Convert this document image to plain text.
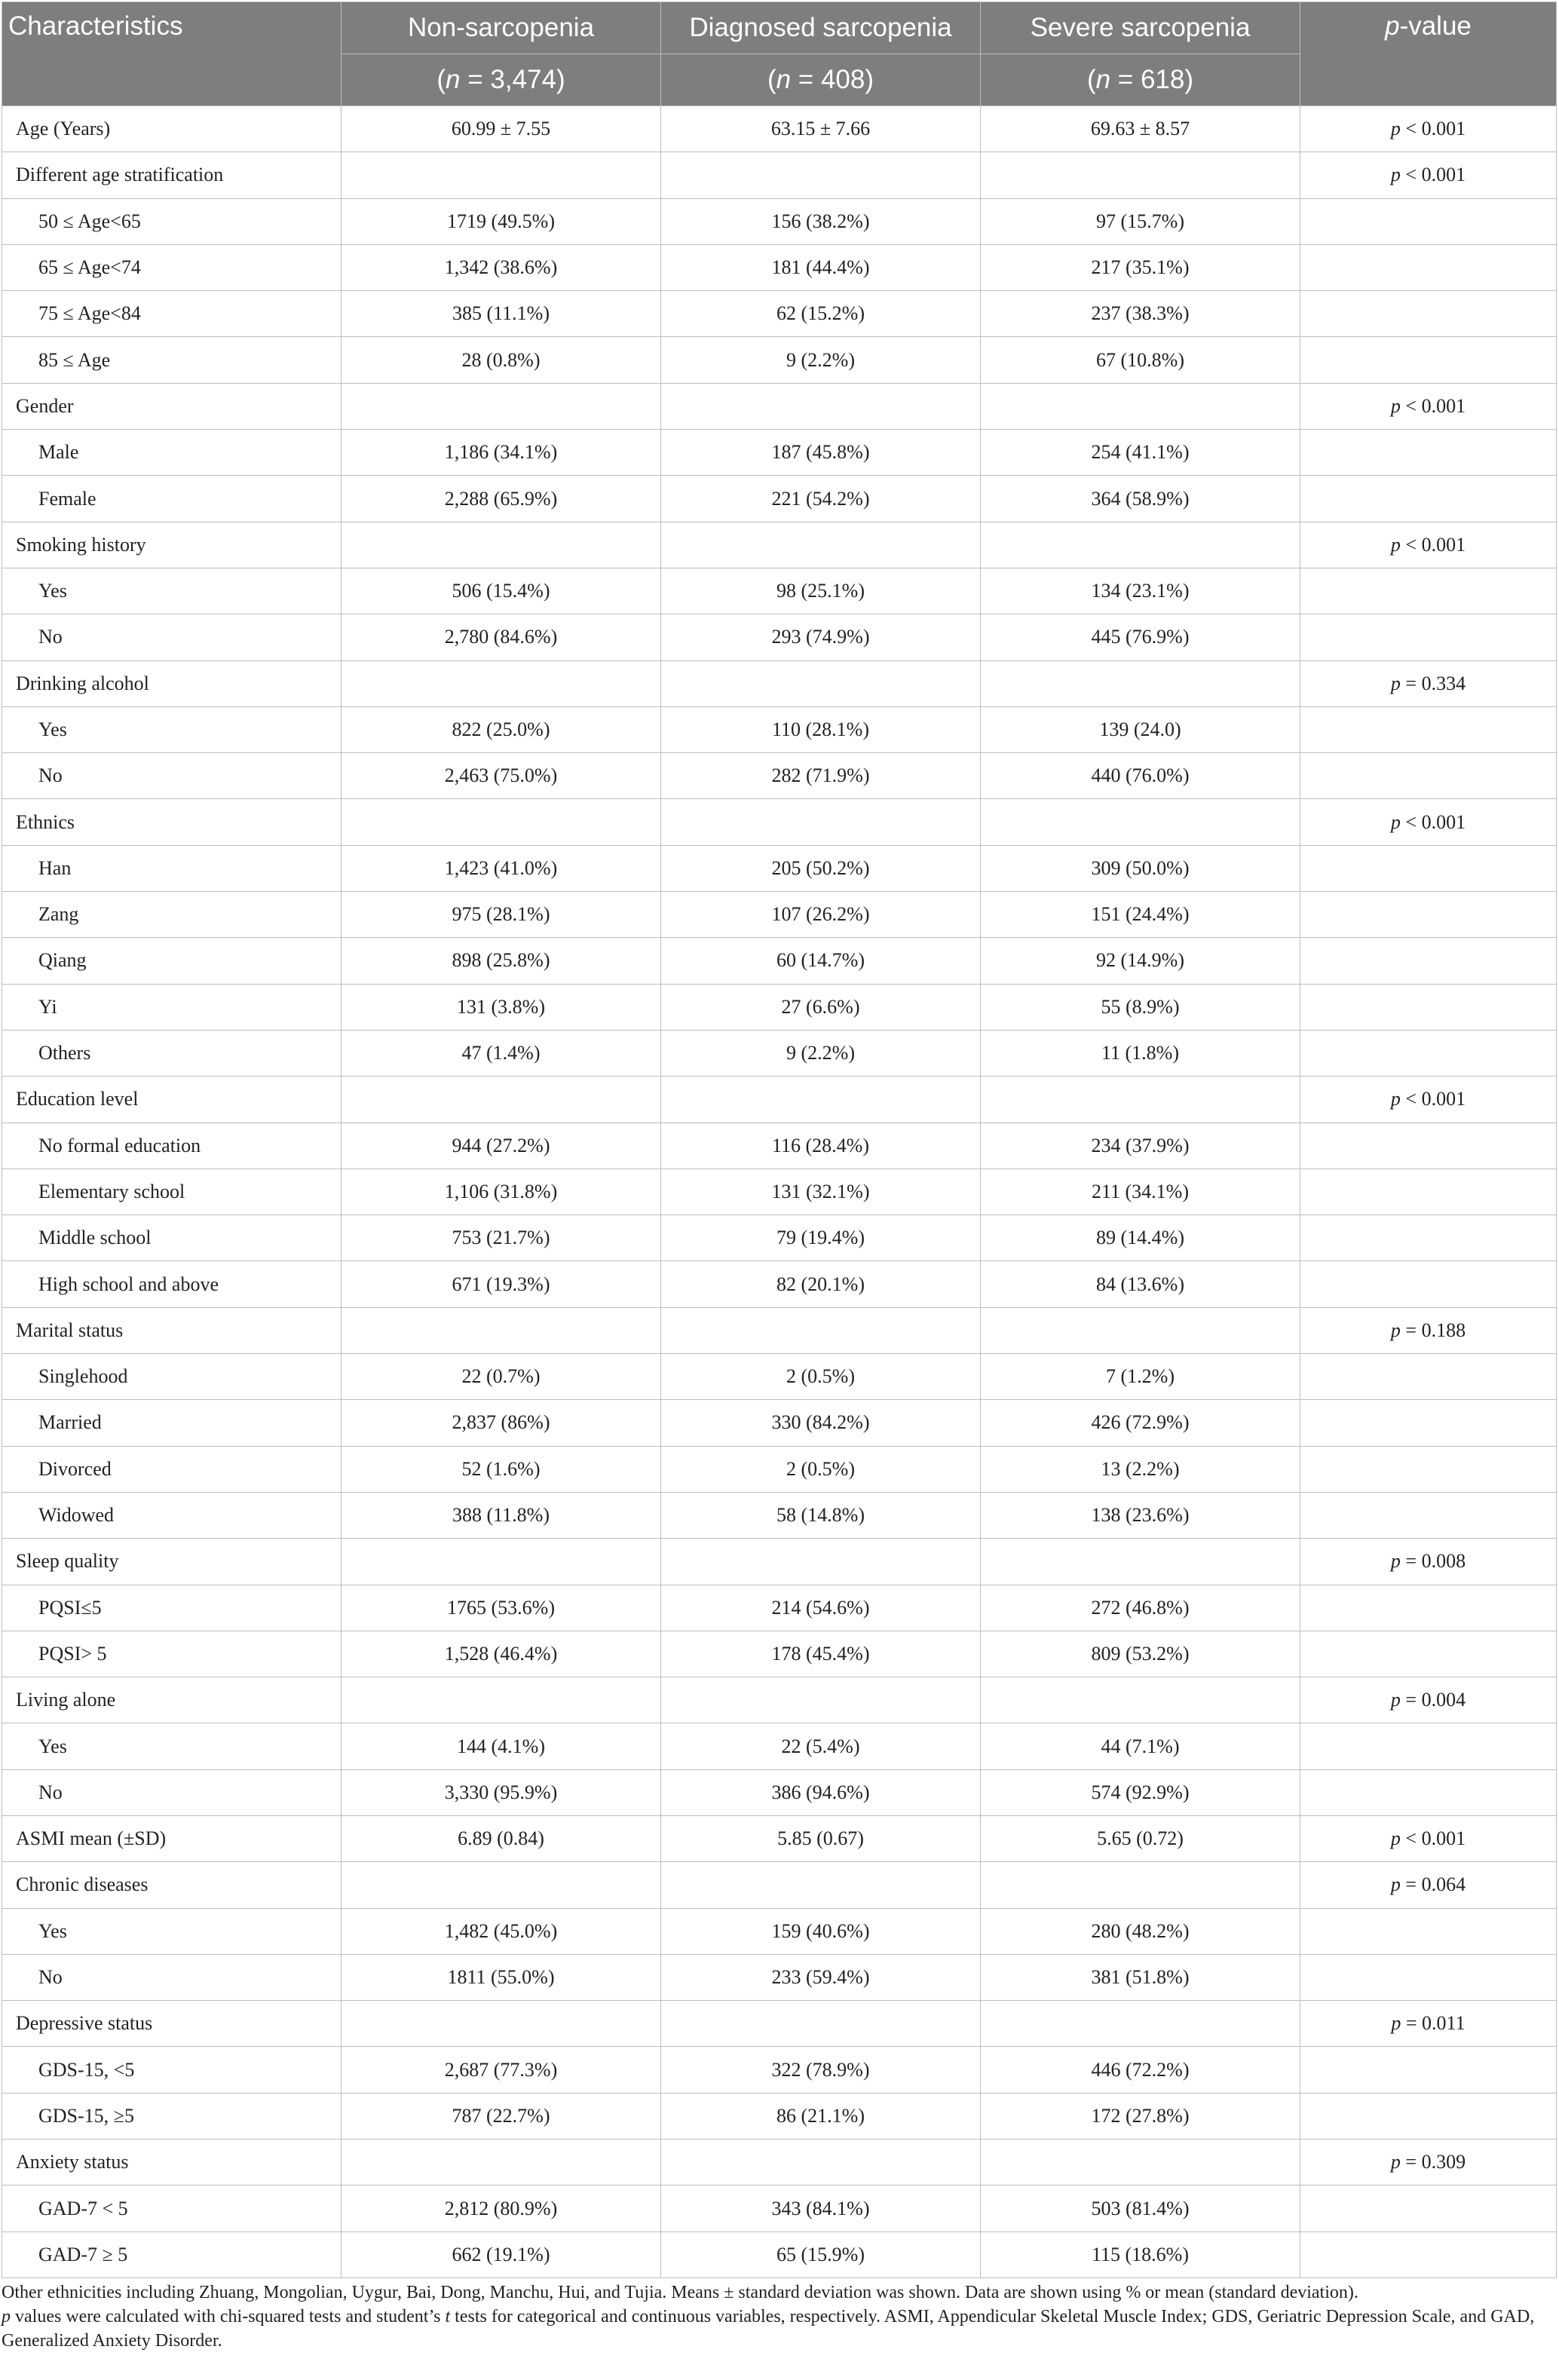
Characteristics	Non-sarcopenia	Diagnosed sarcopenia	Severe sarcopenia	p-value
	(n = 3,474)	(n = 408)	(n = 618)	
Age (Years)	60.99 ± 7.55	63.15 ± 7.66	69.63 ± 8.57	p < 0.001
Different age stratification				p < 0.001
50 ≤ Age<65	1719 (49.5%)	156 (38.2%)	97 (15.7%)	
65 ≤ Age<74	1,342 (38.6%)	181 (44.4%)	217 (35.1%)	
75 ≤ Age<84	385 (11.1%)	62 (15.2%)	237 (38.3%)	
85 ≤ Age	28 (0.8%)	9 (2.2%)	67 (10.8%)	
Gender				p < 0.001
Male	1,186 (34.1%)	187 (45.8%)	254 (41.1%)	
Female	2,288 (65.9%)	221 (54.2%)	364 (58.9%)	
Smoking history				p < 0.001
Yes	506 (15.4%)	98 (25.1%)	134 (23.1%)	
No	2,780 (84.6%)	293 (74.9%)	445 (76.9%)	
Drinking alcohol				p = 0.334
Yes	822 (25.0%)	110 (28.1%)	139 (24.0)	
No	2,463 (75.0%)	282 (71.9%)	440 (76.0%)	
Ethnics				p < 0.001
Han	1,423 (41.0%)	205 (50.2%)	309 (50.0%)	
Zang	975 (28.1%)	107 (26.2%)	151 (24.4%)	
Qiang	898 (25.8%)	60 (14.7%)	92 (14.9%)	
Yi	131 (3.8%)	27 (6.6%)	55 (8.9%)	
Others	47 (1.4%)	9 (2.2%)	11 (1.8%)	
Education level				p < 0.001
No formal education	944 (27.2%)	116 (28.4%)	234 (37.9%)	
Elementary school	1,106 (31.8%)	131 (32.1%)	211 (34.1%)	
Middle school	753 (21.7%)	79 (19.4%)	89 (14.4%)	
High school and above	671 (19.3%)	82 (20.1%)	84 (13.6%)	
Marital status				p = 0.188
Singlehood	22 (0.7%)	2 (0.5%)	7 (1.2%)	
Married	2,837 (86%)	330 (84.2%)	426 (72.9%)	
Divorced	52 (1.6%)	2 (0.5%)	13 (2.2%)	
Widowed	388 (11.8%)	58 (14.8%)	138 (23.6%)	
Sleep quality				p = 0.008
PQSI≤5	1765 (53.6%)	214 (54.6%)	272 (46.8%)	
PQSI> 5	1,528 (46.4%)	178 (45.4%)	809 (53.2%)	
Living alone				p = 0.004
Yes	144 (4.1%)	22 (5.4%)	44 (7.1%)	
No	3,330 (95.9%)	386 (94.6%)	574 (92.9%)	
ASMI mean (±SD)	6.89 (0.84)	5.85 (0.67)	5.65 (0.72)	p < 0.001
Chronic diseases				p = 0.064
Yes	1,482 (45.0%)	159 (40.6%)	280 (48.2%)	
No	1811 (55.0%)	233 (59.4%)	381 (51.8%)	
Depressive status				p = 0.011
GDS-15, <5	2,687 (77.3%)	322 (78.9%)	446 (72.2%)	
GDS-15, ≥5	787 (22.7%)	86 (21.1%)	172 (27.8%)	
Anxiety status				p = 0.309
GAD-7 < 5	2,812 (80.9%)	343 (84.1%)	503 (81.4%)	
GAD-7 ≥ 5	662 (19.1%)	65 (15.9%)	115 (18.6%)	

Other ethnicities including Zhuang, Mongolian, Uygur, Bai, Dong, Manchu, Hui, and Tujia. Means ± standard deviation was shown. Data are shown using % or mean (standard deviation).

p values were calculated with chi-squared tests and student’s t tests for categorical and continuous variables, respectively. ASMI, Appendicular Skeletal Muscle Index; GDS, Geriatric Depression Scale, and GAD, Generalized Anxiety Disorder.
